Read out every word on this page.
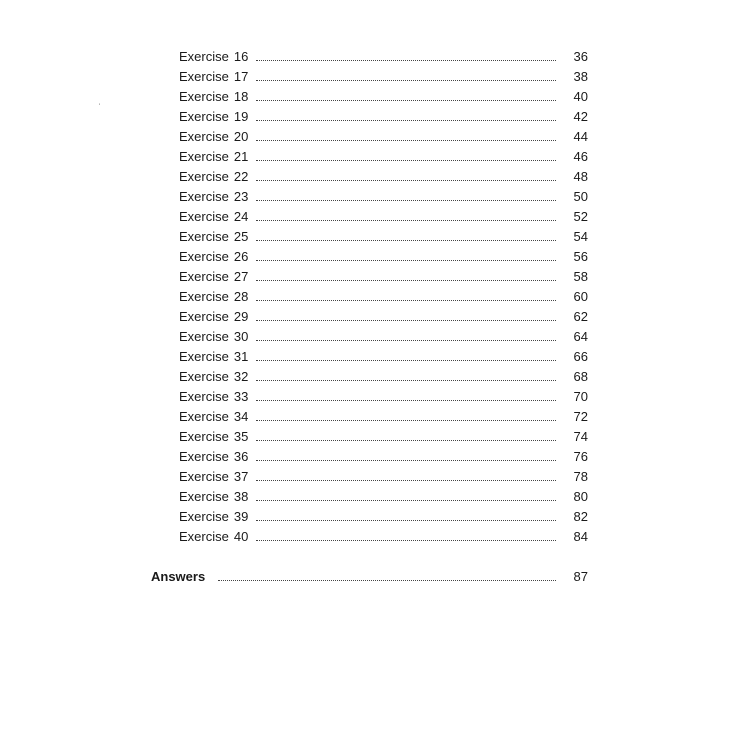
'
Exercise 16	36
Exercise 17	38
Exercise 18	40
Exercise 19	42
Exercise 20	44
Exercise 21	46
Exercise 22	48
Exercise 23	50
Exercise 24	52
Exercise 25	54
Exercise 26	56
Exercise 27	58
Exercise 28	60
Exercise 29	62
Exercise 30	64
Exercise 31	66
Exercise 32	68
Exercise 33	70
Exercise 34	72
Exercise 35	74
Exercise 36	76
Exercise 37	78
Exercise 38	80
Exercise 39	82
Exercise 40	84
Answers	87
